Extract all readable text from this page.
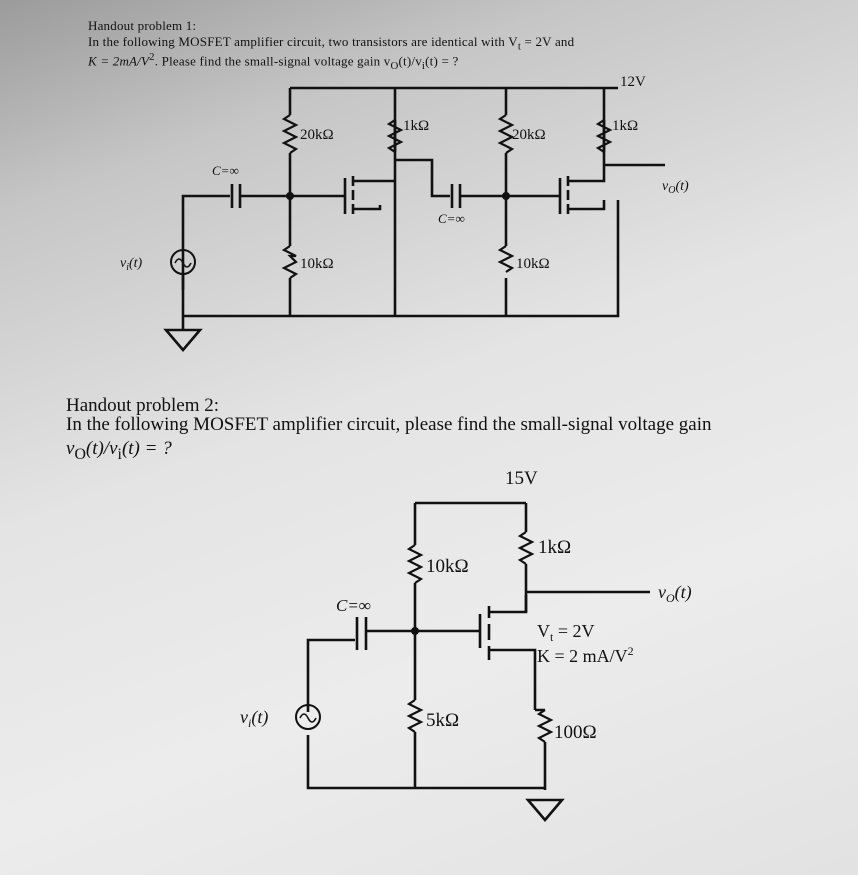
Handout problem 1:
In the following MOSFET amplifier circuit, two transistors are identical with $V_t = 2V$ and
$K = 2mA/V^2$. Please find the small-signal voltage gain $v_O(t)/v_i(t)$ = ?
Handout problem 2:
In the following MOSFET amplifier circuit, please find the small-signal voltage gain
$v_O(t)/v_i(t)$ = ?
12V
20kΩ
1kΩ
20kΩ
1kΩ
10kΩ	10kΩ
C=∞
C=∞
$v_i(t)$
$v_O(t)$
15V
10kΩ
1kΩ
5kΩ
100Ω
C=∞
$V_t = 2V$
K = 2 $mA/V^2$
$v_i(t)$
$v_O(t)$
